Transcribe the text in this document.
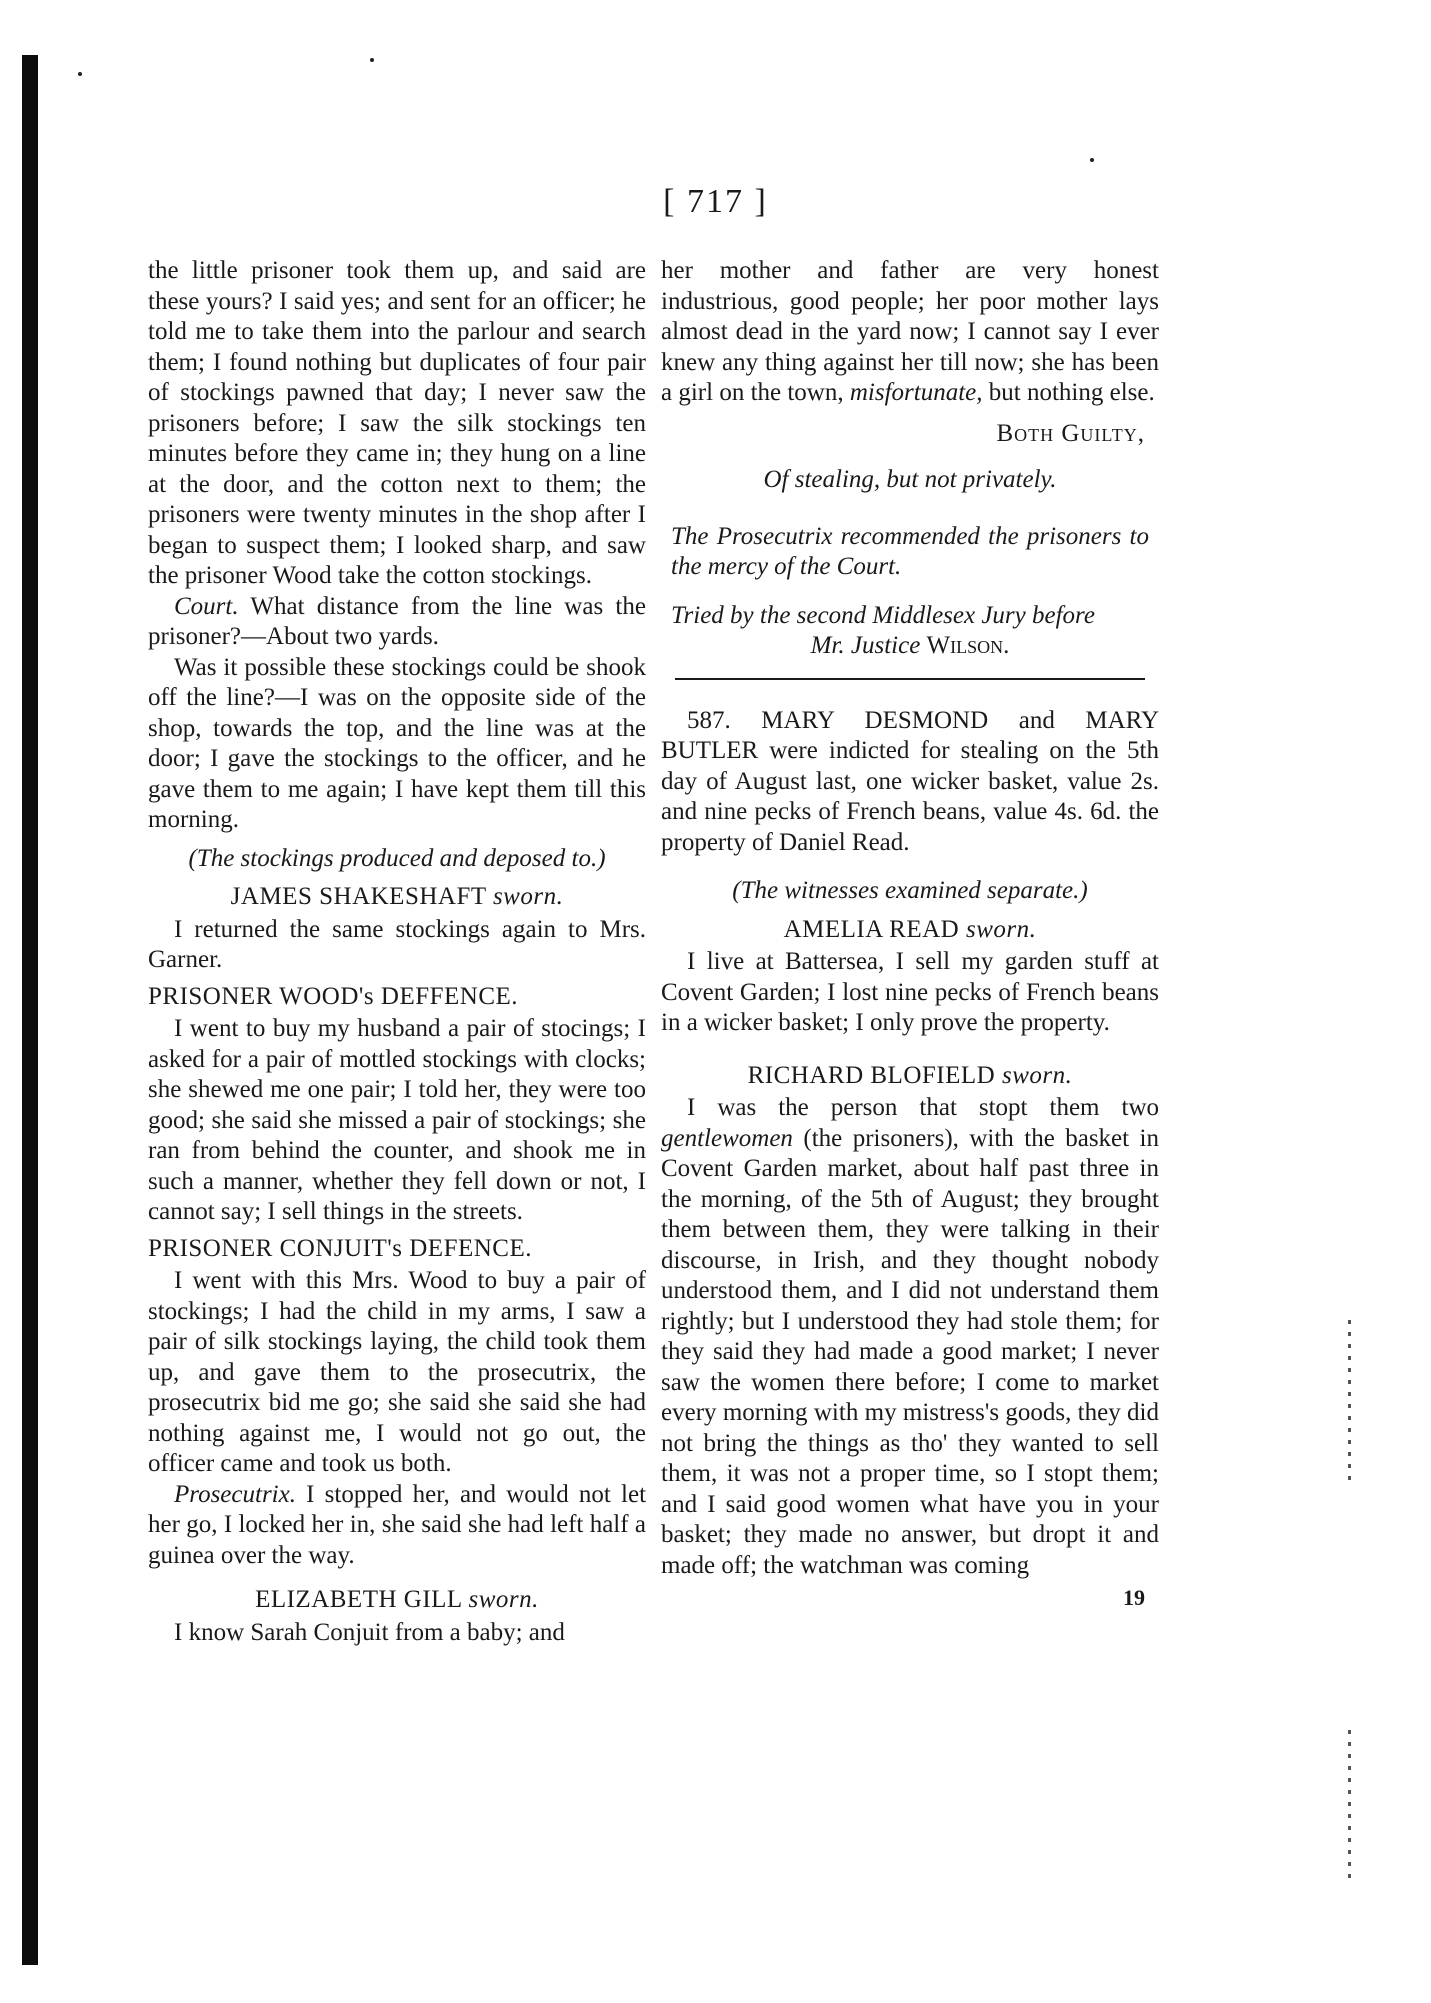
[ 717 ]

the little prisoner took them up, and said are these yours? I said yes; and sent for an officer; he told me to take them into the parlour and search them; I found nothing but duplicates of four pair of stockings pawned that day; I never saw the prisoners before; I saw the silk stockings ten minutes before they came in; they hung on a line at the door, and the cotton next to them; the prisoners were twenty minutes in the shop after I began to suspect them; I looked sharp, and saw the prisoner Wood take the cotton stockings.

Court. What distance from the line was the prisoner?—About two yards.

Was it possible these stockings could be shook off the line?—I was on the opposite side of the shop, towards the top, and the line was at the door; I gave the stockings to the officer, and he gave them to me again; I have kept them till this morning.

(The stockings produced and deposed to.)

JAMES SHAKESHAFT sworn.

I returned the same stockings again to Mrs. Garner.

PRISONER WOOD's DEFFENCE.

I went to buy my husband a pair of stocings; I asked for a pair of mottled stockings with clocks; she shewed me one pair; I told her, they were too good; she said she missed a pair of stockings; she ran from behind the counter, and shook me in such a manner, whether they fell down or not, I cannot say; I sell things in the streets.

PRISONER CONJUIT's DEFENCE.

I went with this Mrs. Wood to buy a pair of stockings; I had the child in my arms, I saw a pair of silk stockings laying, the child took them up, and gave them to the prosecutrix, the prosecutrix bid me go; she said she said she had nothing against me, I would not go out, the officer came and took us both.

Prosecutrix. I stopped her, and would not let her go, I locked her in, she said she had left half a guinea over the way.

ELIZABETH GILL sworn.

I know Sarah Conjuit from a baby; and

her mother and father are very honest industrious, good people; her poor mother lays almost dead in the yard now; I cannot say I ever knew any thing against her till now; she has been a girl on the town, misfortunate, but nothing else.

Both Guilty,

Of stealing, but not privately.

The Prosecutrix recommended the prisoners to the mercy of the Court.

Tried by the second Middlesex Jury before

Mr. Justice Wilson.

587. MARY DESMOND and MARY BUTLER were indicted for stealing on the 5th day of August last, one wicker basket, value 2s. and nine pecks of French beans, value 4s. 6d. the property of Daniel Read.

(The witnesses examined separate.)

AMELIA READ sworn.

I live at Battersea, I sell my garden stuff at Covent Garden; I lost nine pecks of French beans in a wicker basket; I only prove the property.

RICHARD BLOFIELD sworn.

I was the person that stopt them two gentlewomen (the prisoners), with the basket in Covent Garden market, about half past three in the morning, of the 5th of August; they brought them between them, they were talking in their discourse, in Irish, and they thought nobody understood them, and I did not understand them rightly; but I understood they had stole them; for they said they had made a good market; I never saw the women there before; I come to market every morning with my mistress's goods, they did not bring the things as tho' they wanted to sell them, it was not a proper time, so I stopt them; and I said good women what have you in your basket; they made no answer, but dropt it and made off; the watchman was coming

19
